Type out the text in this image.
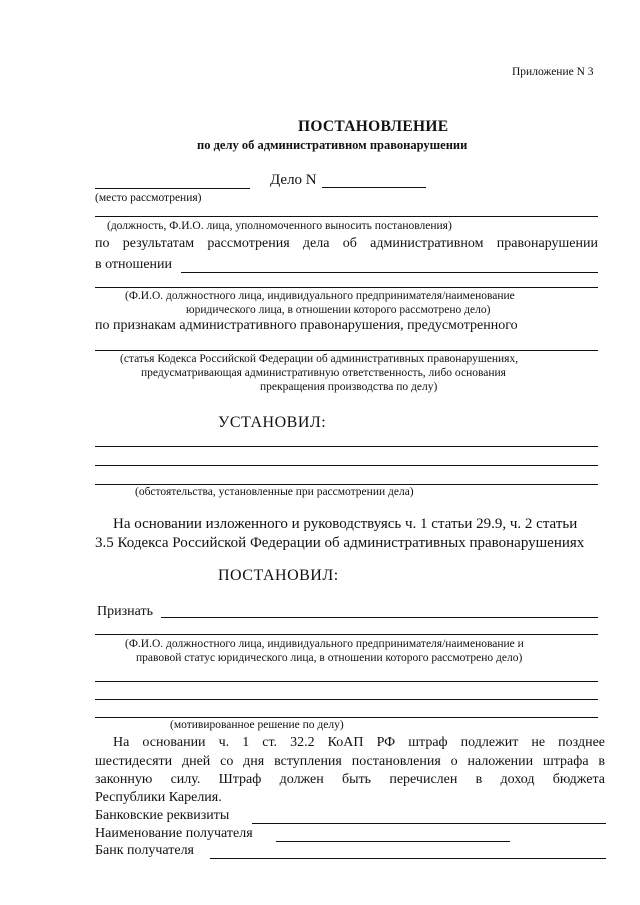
Приложение N 3
ПОСТАНОВЛЕНИЕ
по делу об административном правонарушении
Дело N
(место рассмотрения)
(должность, Ф.И.О. лица, уполномоченного выносить постановления)
по результатам рассмотрения дела об административном правонарушении
в отношении
(Ф.И.О. должностного лица, индивидуального предпринимателя/наименование
юридического лица, в отношении которого рассмотрено дело)
по признакам административного правонарушения, предусмотренного
(статья Кодекса Российской Федерации об административных правонарушениях,
предусматривающая административную ответственность, либо основания
прекращения производства по делу)
УСТАНОВИЛ:
(обстоятельства, установленные при рассмотрении дела)
На основании изложенного и руководствуясь ч. 1 статьи 29.9, ч. 2 статьи
3.5 Кодекса Российской Федерации об административных правонарушениях
ПОСТАНОВИЛ:
Признать
(Ф.И.О. должностного лица, индивидуального предпринимателя/наименование и
правовой статус юридического лица, в отношении которого рассмотрено дело)
(мотивированное решение по делу)
На основании ч. 1 ст. 32.2 КоАП РФ штраф подлежит не позднее
шестидесяти дней со дня вступления постановления о наложении штрафа в
законную силу. Штраф должен быть перечислен в доход бюджета
Республики Карелия.
Банковские реквизиты
Наименование получателя
Банк получателя
